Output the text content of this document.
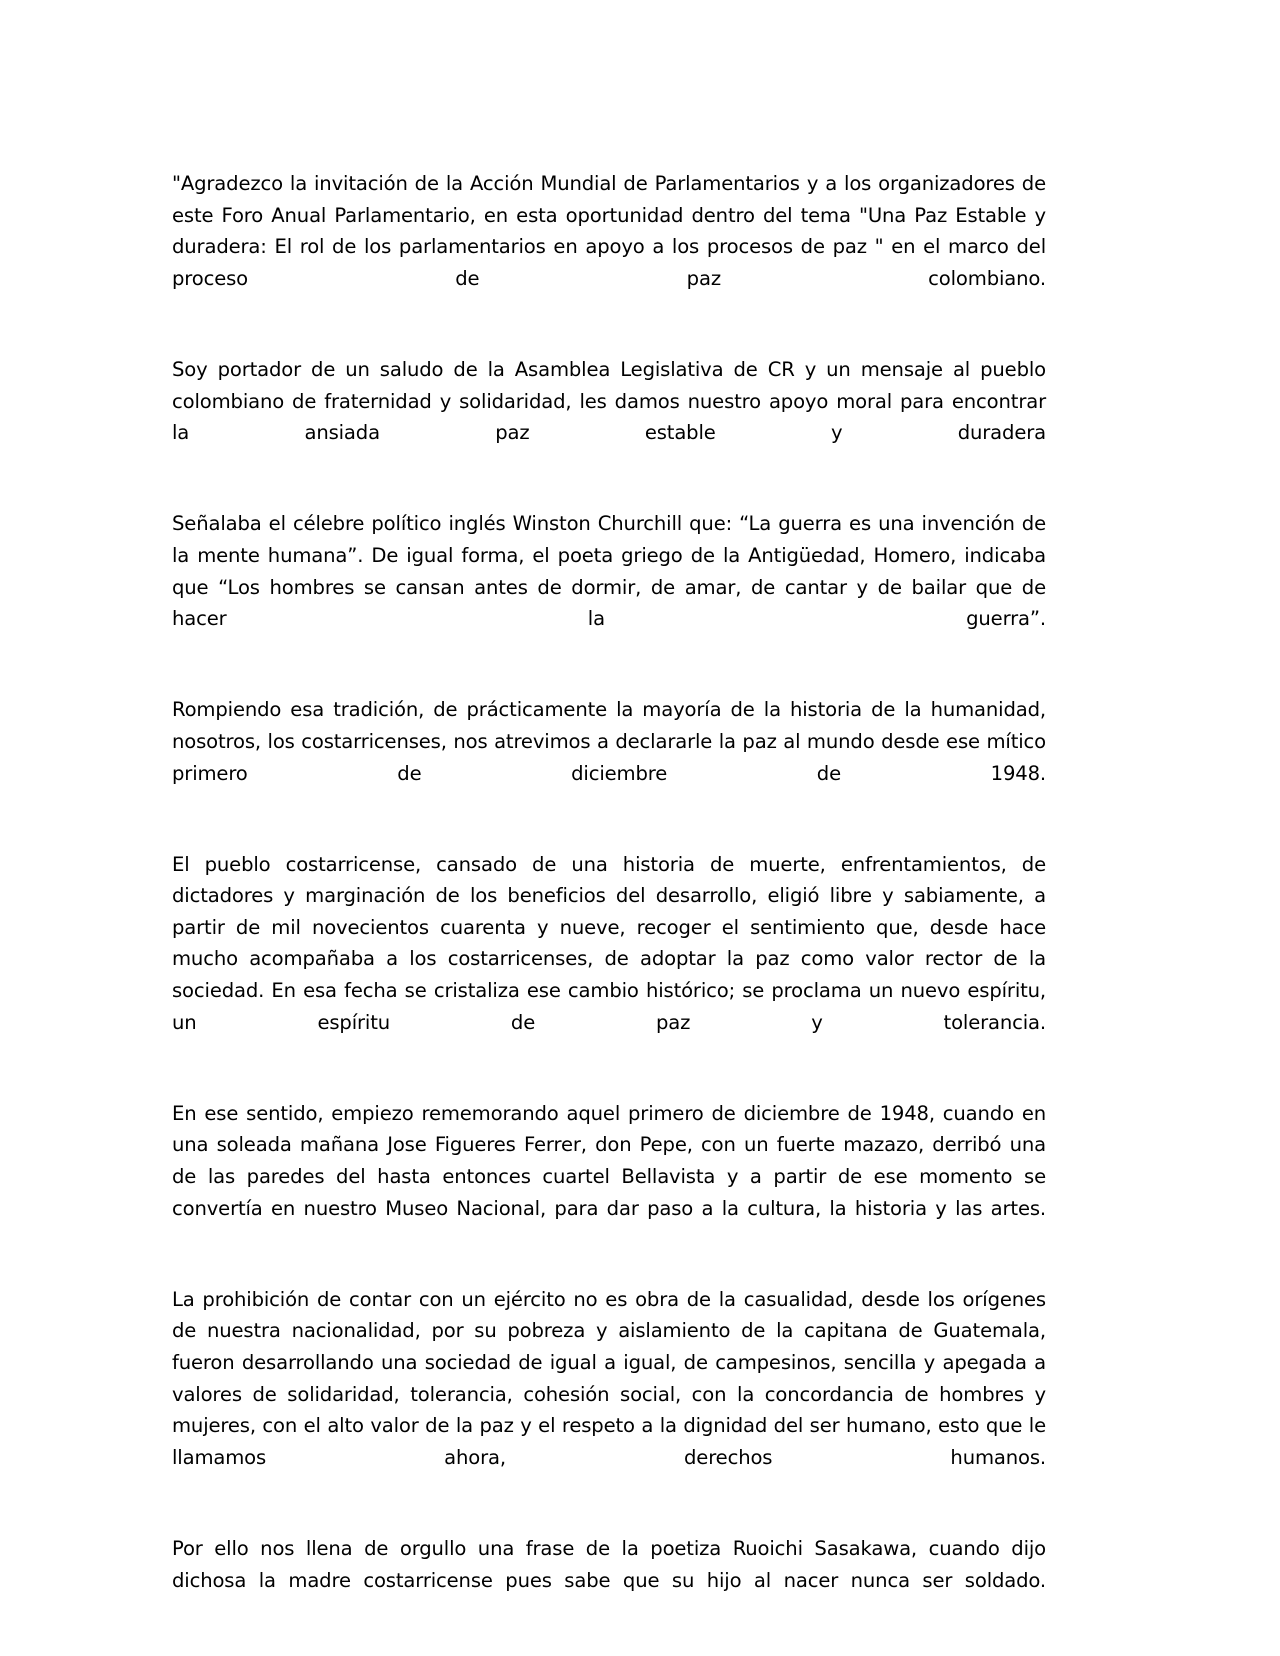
"Agradezco la invitación de la Acción Mundial de Parlamentarios y a los organizadores de este Foro Anual Parlamentario, en esta oportunidad dentro del tema "Una Paz Estable y duradera: El rol de los parlamentarios en apoyo a los procesos de paz " en el marco del proceso de paz colombiano.

Soy portador de un saludo de la Asamblea Legislativa de CR y un mensaje al pueblo colombiano de fraternidad y solidaridad, les damos nuestro apoyo moral para encontrar la ansiada paz estable y duradera

Señalaba el célebre político inglés Winston Churchill que: “La guerra es una invención de la mente humana”. De igual forma, el poeta griego de la Antigüedad, Homero, indicaba que “Los hombres se cansan antes de dormir, de amar, de cantar y de bailar que de hacer la guerra”.

Rompiendo esa tradición, de prácticamente la mayoría de la historia de la humanidad, nosotros, los costarricenses, nos atrevimos a declararle la paz al mundo desde ese mítico primero de diciembre de 1948.

El pueblo costarricense, cansado de una historia de muerte, enfrentamientos, de dictadores y marginación de los beneficios del desarrollo, eligió libre y sabiamente, a partir de mil novecientos cuarenta y nueve, recoger el sentimiento que, desde hace mucho acompañaba a los costarricenses, de adoptar la paz como valor rector de la sociedad. En esa fecha se cristaliza ese cambio histórico; se proclama un nuevo espíritu, un espíritu de paz y tolerancia.

En ese sentido, empiezo rememorando aquel primero de diciembre de 1948, cuando en una soleada mañana Jose Figueres Ferrer, don Pepe, con un fuerte mazazo, derribó una de las paredes del hasta entonces cuartel Bellavista y a partir de ese momento se convertía en nuestro Museo Nacional, para dar paso a la cultura, la historia y las artes.

La prohibición de contar con un ejército no es obra de la casualidad, desde los orígenes de nuestra nacionalidad, por su pobreza y aislamiento de la capitana de Guatemala, fueron desarrollando una sociedad de igual a igual, de campesinos, sencilla y apegada a valores de solidaridad, tolerancia, cohesión social, con la concordancia de hombres y mujeres, con el alto valor de la paz y el respeto a la dignidad del ser humano, esto que le llamamos ahora, derechos humanos.

Por ello nos llena de orgullo una frase de la poetiza Ruoichi Sasakawa, cuando dijo dichosa la madre costarricense pues sabe que su hijo al nacer nunca ser soldado.
